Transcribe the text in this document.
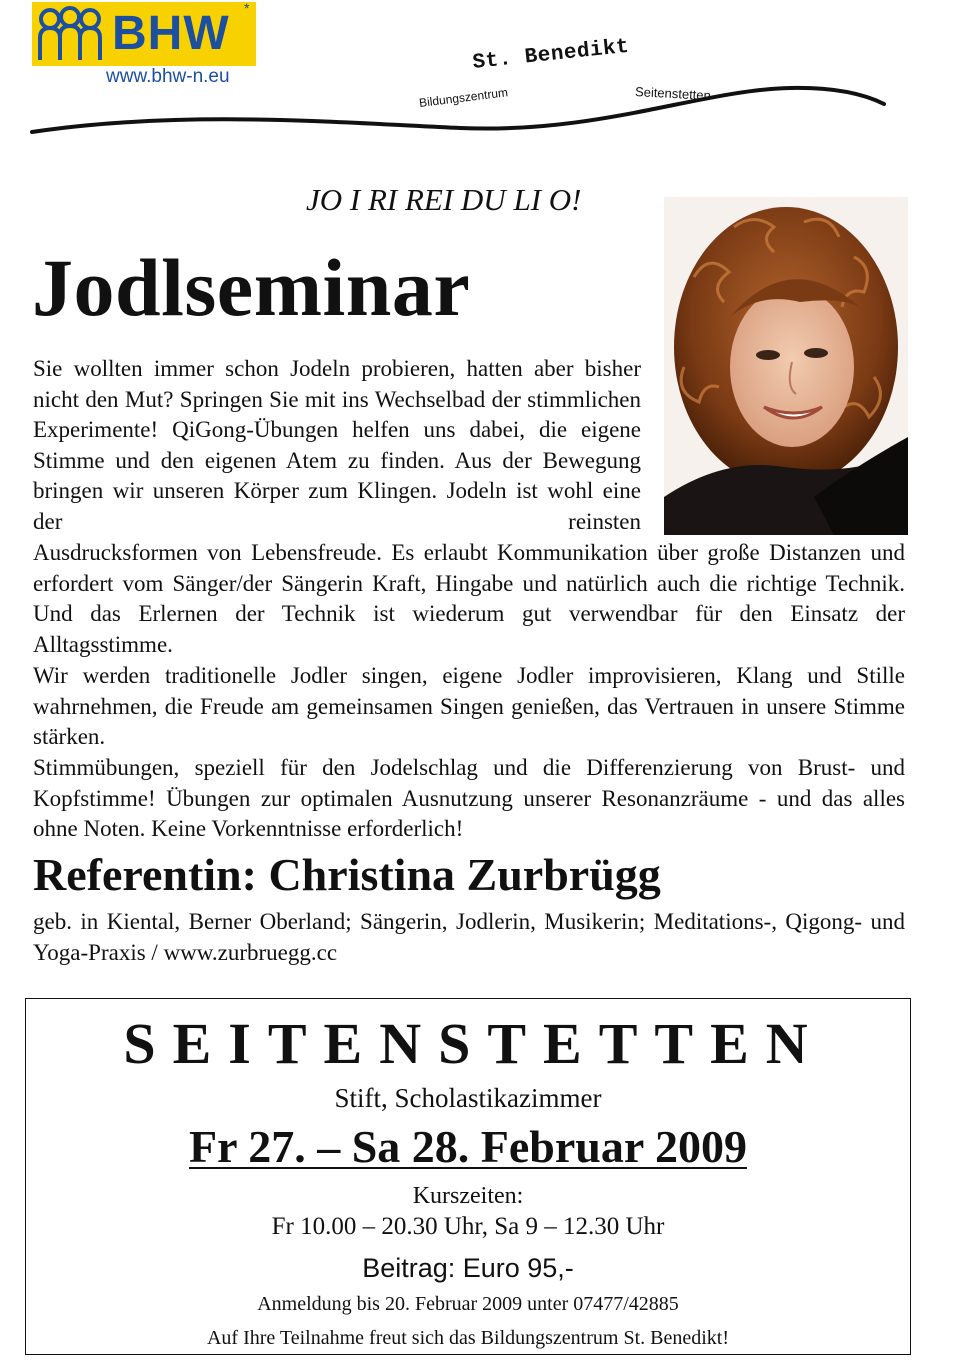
BHW *
www.bhw-n.eu
St. Benedikt
Bildungszentrum	Seitenstetten
JO I RI REI DU LI O!
Jodlseminar
Sie wollten immer schon Jodeln probieren, hatten aber bisher nicht den Mut? Springen Sie mit ins Wechselbad der stimmlichen Experimente! QiGong-Übungen helfen uns dabei, die eigene Stimme und den eigenen Atem zu finden. Aus der Bewegung bringen wir unseren Körper zum Klingen. Jodeln ist wohl eine der reinsten
Ausdrucksformen von Lebensfreude. Es erlaubt Kommunikation über große Distanzen und erfordert vom Sänger/der Sängerin Kraft, Hingabe und natürlich auch die richtige Technik. Und das Erlernen der Technik ist wiederum gut verwendbar für den Einsatz der Alltagsstimme.
Wir werden traditionelle Jodler singen, eigene Jodler improvisieren, Klang und Stille wahrnehmen, die Freude am gemeinsamen Singen genießen, das Vertrauen in unsere Stimme stärken.
Stimmübungen, speziell für den Jodelschlag und die Differenzierung von Brust- und Kopfstimme! Übungen zur optimalen Ausnutzung unserer Resonanzräume - und das alles ohne Noten. Keine Vorkenntnisse erforderlich!
Referentin: Christina Zurbrügg
geb. in Kiental, Berner Oberland; Sängerin, Jodlerin, Musikerin; Meditations-, Qigong- und Yoga-Praxis / www.zurbruegg.cc
SEITENSTETTEN
Stift, Scholastikazimmer
Fr 27. – Sa 28. Februar 2009
Kurszeiten:
Fr 10.00 – 20.30 Uhr, Sa 9 – 12.30 Uhr
Beitrag: Euro 95,-
Anmeldung bis 20. Februar 2009 unter 07477/42885
Auf Ihre Teilnahme freut sich das Bildungszentrum St. Benedikt!
